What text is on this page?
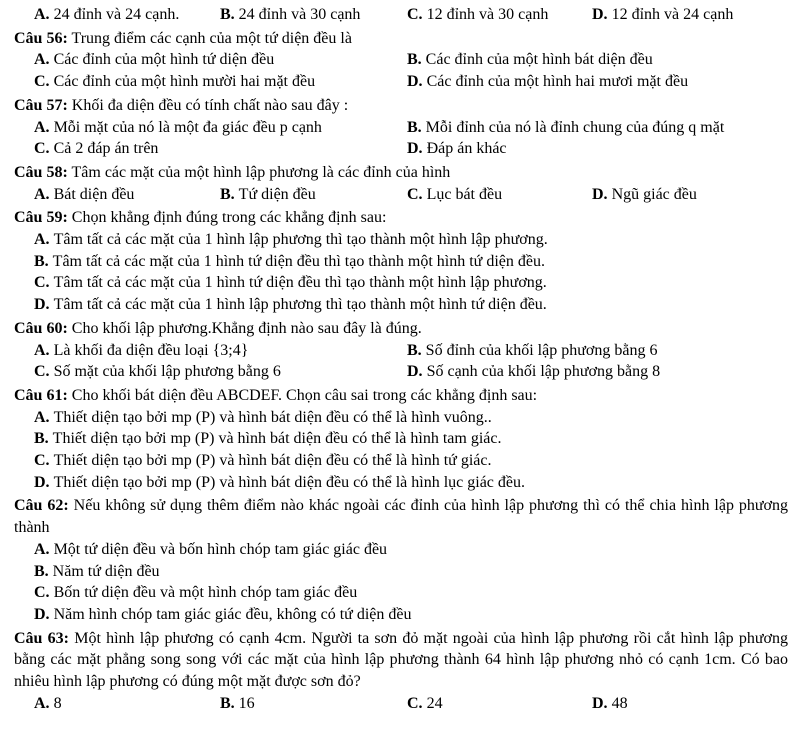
A. 24 đỉnh và 24 cạnh.	B. 24 đỉnh và 30 cạnh	C. 12 đỉnh và 30 cạnh	D. 12 đỉnh và 24 cạnh

Câu 56: Trung điểm các cạnh của một tứ diện đều là

A. Các đỉnh của một hình tứ diện đều	B. Các đỉnh của một hình bát diện đều
C. Các đỉnh của một hình mười hai mặt đều	D. Các đỉnh của một hình hai mươi mặt đều

Câu 57: Khối đa diện đều có tính chất nào sau đây :

A. Mỗi mặt của nó là một đa giác đều p cạnh	B. Mỗi đỉnh của nó là đỉnh chung của đúng q mặt
C. Cả 2 đáp án trên	D. Đáp án khác

Câu 58: Tâm các mặt của một hình lập phương là các đỉnh của hình

A. Bát diện đều	B. Tứ diện đều	C. Lục bát đều	D. Ngũ giác đều

Câu 59: Chọn khẳng định đúng trong các khẳng định sau:

A. Tâm tất cả các mặt của 1 hình lập phương thì tạo thành một hình lập phương.
B. Tâm tất cả các mặt của 1 hình tứ diện đều thì tạo thành một hình tứ diện đều.
C. Tâm tất cả các mặt của 1 hình tứ diện đều thì tạo thành một hình lập phương.
D. Tâm tất cả các mặt của 1 hình lập phương thì tạo thành một hình tứ diện đều.

Câu 60: Cho khối lập phương.Khẳng định nào sau đây là đúng.

A. Là khối đa diện đều loại {3;4}	B. Số đỉnh của khối lập phương bằng 6
C. Số mặt của khối lập phương bằng 6	D. Số cạnh của khối lập phương bằng 8

Câu 61: Cho khối bát diện đều ABCDEF. Chọn câu sai trong các khẳng định sau:

A. Thiết diện tạo bởi mp (P) và hình bát diện đều có thể là hình vuông..
B. Thiết diện tạo bởi mp (P) và hình bát diện đều có thể là hình tam giác.
C. Thiết diện tạo bởi mp (P) và hình bát diện đều có thể là hình tứ giác.
D. Thiết diện tạo bởi mp (P) và hình bát diện đều có thể là hình lục giác đều.

Câu 62: Nếu không sử dụng thêm điểm nào khác ngoài các đỉnh của hình lập phương thì có thể chia hình lập phương thành

A. Một tứ diện đều và bốn hình chóp tam giác giác đều
B. Năm tứ diện đều
C. Bốn tứ diện đều và một hình chóp tam giác đều
D. Năm hình chóp tam giác giác đều, không có tứ diện đều

Câu 63: Một hình lập phương có cạnh 4cm. Người ta sơn đỏ mặt ngoài của hình lập phương rồi cắt hình lập phương bằng các mặt phẳng song song với các mặt của hình lập phương thành 64 hình lập phương nhỏ có cạnh 1cm. Có bao nhiêu hình lập phương có đúng một mặt được sơn đỏ?

A. 8	B. 16	C. 24	D. 48
